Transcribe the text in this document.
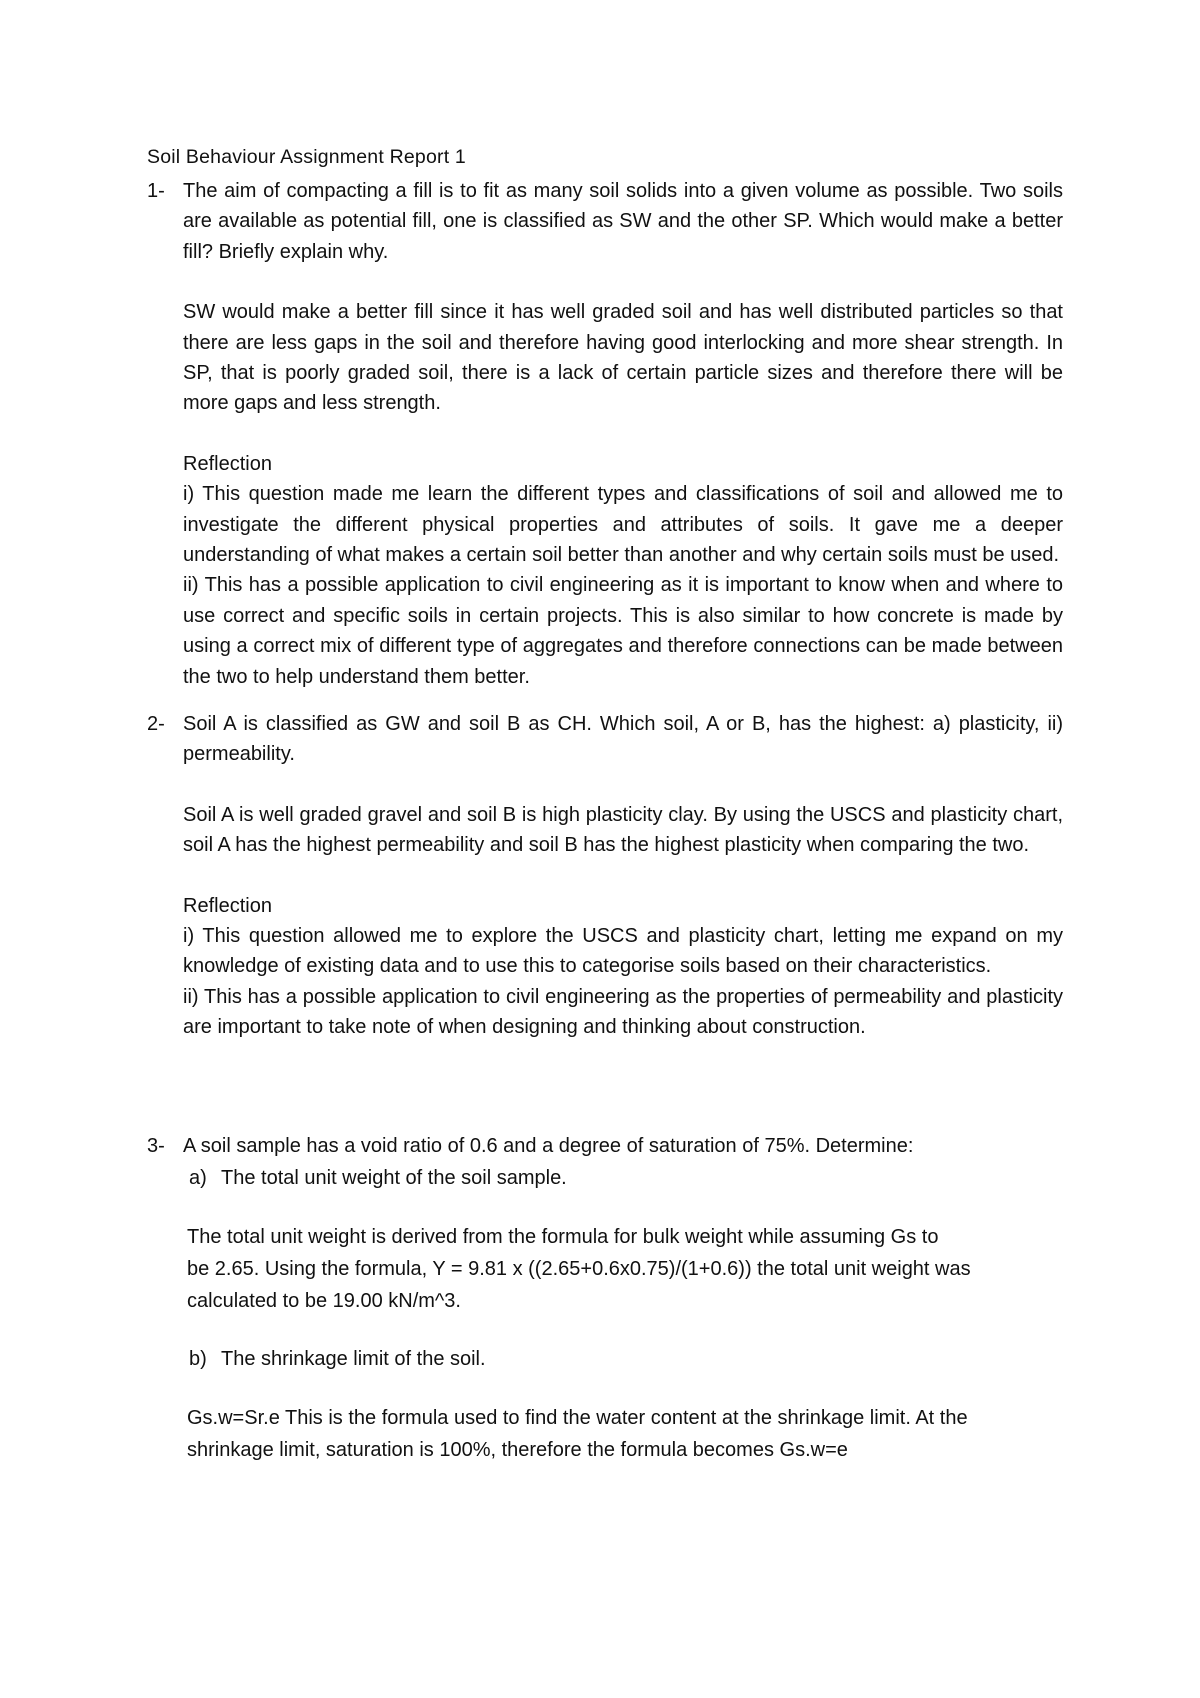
Soil Behaviour Assignment Report 1
1- The aim of compacting a fill is to fit as many soil solids into a given volume as possible. Two soils are available as potential fill, one is classified as SW and the other SP. Which would make a better fill? Briefly explain why.

SW would make a better fill since it has well graded soil and has well distributed particles so that there are less gaps in the soil and therefore having good interlocking and more shear strength. In SP, that is poorly graded soil, there is a lack of certain particle sizes and therefore there will be more gaps and less strength.

Reflection

i) This question made me learn the different types and classifications of soil and allowed me to investigate the different physical properties and attributes of soils. It gave me a deeper understanding of what makes a certain soil better than another and why certain soils must be used.

ii) This has a possible application to civil engineering as it is important to know when and where to use correct and specific soils in certain projects. This is also similar to how concrete is made by using a correct mix of different type of aggregates and therefore connections can be made between the two to help understand them better.

2- Soil A is classified as GW and soil B as CH. Which soil, A or B, has the highest: a) plasticity, ii) permeability.

Soil A is well graded gravel and soil B is high plasticity clay. By using the USCS and plasticity chart, soil A has the highest permeability and soil B has the highest plasticity when comparing the two.

Reflection

i) This question allowed me to explore the USCS and plasticity chart, letting me expand on my knowledge of existing data and to use this to categorise soils based on their characteristics.

ii) This has a possible application to civil engineering as the properties of permeability and plasticity are important to take note of when designing and thinking about construction.

3- A soil sample has a void ratio of 0.6 and a degree of saturation of 75%. Determine:

a) The total unit weight of the soil sample.

The total unit weight is derived from the formula for bulk weight while assuming Gs to

be 2.65. Using the formula, Y = 9.81 x ((2.65+0.6x0.75)/(1+0.6)) the total unit weight was

calculated to be 19.00 kN/m^3.

b) The shrinkage limit of the soil.

Gs.w=Sr.e This is the formula used to find the water content at the shrinkage limit. At the

shrinkage limit, saturation is 100%, therefore the formula becomes Gs.w=e
